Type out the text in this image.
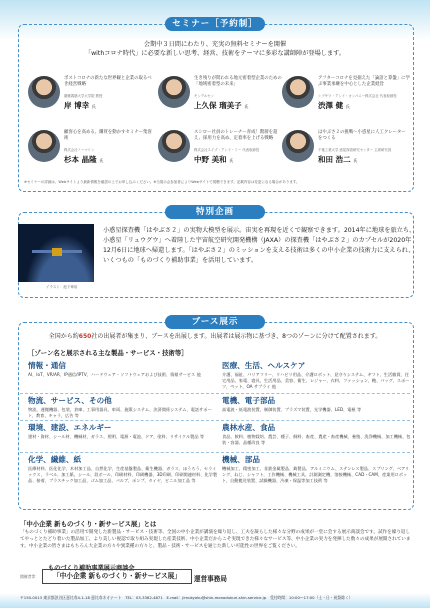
セミナー［予約制］
会期中３日間にわたり、充実の無料セミナーを開催
「withコロナ時代」に必要な新しい思考、経営、技術をテーマに多彩な講師陣が登場します。
ポストコロナの新たな世界観と企業の取るべき経営戦略
慶應義塾大学大学院 教授
岸 博幸 氏
生き残りが問われる地元密着型企業のための「地域密着型の未来」
モンデルセン
上久保 瑠美子 氏
アフターコロナを見据えた「論語と算盤」に学ぶ事業承継を中心とした企業経営
シブサワ・アンド・カンパニー株式会社 代表取締役
渋澤 健 氏
顧客心を高める、購買を動かすセミナー集客術
株式会社ノーマリン
杉本 晶隆 氏
スシロー社員のトレーナー育成！階層を超え、採用力を高め、定着率を上げる戦略
株式会社スイブ・アンド・ミー 代表取締役
中野 美和 氏
はやぶさ２の挑戦～小惑星に人工クレーターをつくる
千葉工業大学 惑星探査研究センター 主席研究員
和田 浩二 氏
※セミナーの詳細は、Webサイトより最新情報を確認の上でお申し込みください。※当展示会参加者によりWebサイトで視聴できます。記載内容は変更になる場合があります。
特別企画
イラスト：池下章裕
小惑星探査機「はやぶさ２」の実物大模型を展示。宙実を再現を近くで観察できます。2014年に地球を旅立ち、小惑星「リュウグウ」へ着陸した宇宙航空研究開発機構（JAXA）の探査機「はやぶさ２」のカプセルが2020年12月6日に地球へ帰還します。「はやぶさ２」のミッションを支える技術は多くの中小企業の技術力に支えられ、いくつもの「ものづくり補助事業」を活用しています。
ブース展示
全国から約650社の出展者が集まり、ブースを出展します。出展者は展示物に基づき、8つのゾーンに分けて配置されます。
［ゾーン名と展示される主な製品・サービス・技術等］
情報・通信
AI、IoT、VR/AR、IP通信/IPTV、ハードウェア・ソフトウェアおよび技術、情報サービス 他
医療、生活、ヘルスケア
介護、福祉、バリアフリー、リハビリ用品、介護ロボット、見守りシステム、ギフト、生活雑貨、住宅用品、家電、寝具、生活用品、美容、衛生、レジャー、衣料、ファッション、鞄、バッグ、スポーツ、ペット、OA サプライ 他
物流、サービス、その他
物流、運搬機器、包装、倉庫、工事用器具、車両、施策システム、決済関係システム、電話サポート、教育、キャラ、広告 等
電機、電子部品
高電波・低電波装置、制御装置、プラズマ装置、光学機器、LED、電極 等
環境、建設、エネルギー
建材・資材、シール材、機械材、ガラス、照明、電源・電池、ドア、塗料、リサイクル製品 等
農林水産、食品
食品、飲料、植物栽培、農芸、種子、飼料、畜産、農産・畜産機械、養殖、洗浄機械、加工機械、包装・容器、品種改良 等
化学、繊維、紙
医療材料、医化化学、木材加工品、自然化学、生産基盤製品、衛生機器、ガラス、ほうろう、セラミックス、ラベル、加工紙、シール、段ボール、印刷材料、印刷機器、3D印刷、印刷関連材料、化学製品、接着、プラスチック加工品、ゴム加工品、バルブ、ポンプ、タイヤ、ビニル加工品 等
機械、部品
機械加工、精密加工、非鉄金属製品、鋳製品、アルミニウム、ステンレス製品、スプリング、ベアリング、ねじ、シャフト、工作機械、機械工具、計測測定機、溶接機械、CAD・CAM、産業用ロボット、自動搬送装置、試験機器、冷凍・保温等加工技術 等
「中小企業 新ものづくり・新サービス展」とは
「ものづくり補助事業」の活用で開発した新製品・サービス・技術等、全国の中小企業が講演を繰り返し、工夫を凝らした様々な分野の成果が一堂に会する展示商談会です。試作を繰り返してやっととたどり着いた製品加工、より美しい視認で取り組み実現した産業技術、中小企業だからこそ実現できた様々なサービス等、中小企業の実力を発揮した数々の成果が展開されています。中小企業の皆さまはもちろん大企業の方々や異業種の方々と、製品・技術・サービスを通じた新しい可能性の世界をご覧ください。
ものづくり補助事業展示商談会
開催者等：	「中小企業 新ものづくり・新サービス展」	運営事務局
〒150-0013 東京都渋谷区恵比寿4-1-18 恵比寿ネオナート　TEL：03-3362-4871　E-mail：jimukyoku@shin-monodukuri-shin-service.jp　受付時間：10:00～17:00（土・日・祝祭除く）
